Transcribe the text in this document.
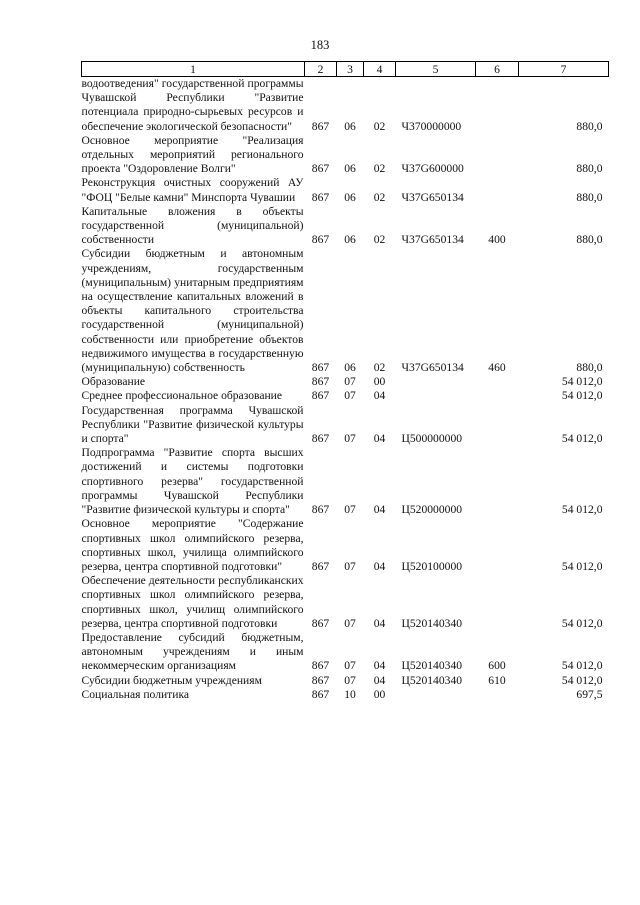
183
1	2	3	4	5	6	7
водоотведения" государственной программы Чувашской Республики "Развитие потенциала природно-сырьевых ресурсов и обеспечение экологической безопасности"	867	06	02	Ч370000000		880,0
Основное мероприятие "Реализация отдельных мероприятий регионального проекта "Оздоровление Волги"	867	06	02	Ч37G600000		880,0
Реконструкция очистных сооружений АУ "ФОЦ "Белые камни" Минспорта Чувашии	867	06	02	Ч37G650134		880,0
Капитальные вложения в объекты государственной (муниципальной) собственности	867	06	02	Ч37G650134	400	880,0
Субсидии бюджетным и автономным учреждениям, государственным (муниципальным) унитарным предприятиям на осуществление капитальных вложений в объекты капитального строительства государственной (муниципальной) собственности или приобретение объектов недвижимого имущества в государственную (муниципальную) собственность	867	06	02	Ч37G650134	460	880,0
Образование	867	07	00			54 012,0
Среднее профессиональное образование	867	07	04			54 012,0
Государственная программа Чувашской Республики "Развитие физической культуры и спорта"	867	07	04	Ц500000000		54 012,0
Подпрограмма "Развитие спорта высших достижений и системы подготовки спортивного резерва" государственной программы Чувашской Республики "Развитие физической культуры и спорта"	867	07	04	Ц520000000		54 012,0
Основное мероприятие "Содержание спортивных школ олимпийского резерва, спортивных школ, училища олимпийского резерва, центра спортивной подготовки"	867	07	04	Ц520100000		54 012,0
Обеспечение деятельности республиканских спортивных школ олимпийского резерва, спортивных школ, училищ олимпийского резерва, центра спортивной подготовки	867	07	04	Ц520140340		54 012,0
Предоставление субсидий бюджетным, автономным учреждениям и иным некоммерческим организациям	867	07	04	Ц520140340	600	54 012,0
Субсидии бюджетным учреждениям	867	07	04	Ц520140340	610	54 012,0
Социальная политика	867	10	00			697,5
